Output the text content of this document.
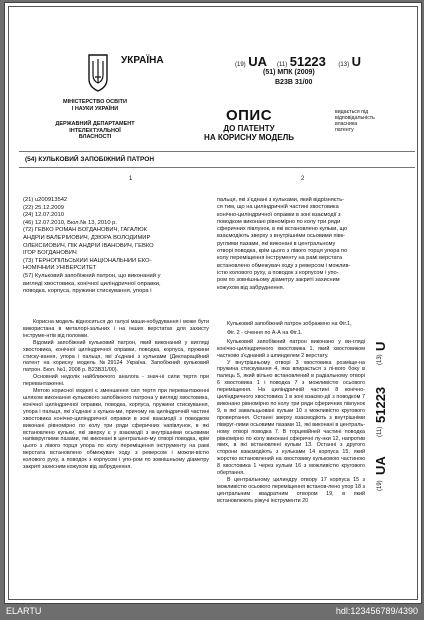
УКРАЇНА	(19) UA (11) 51223 (13) U
(51) МПК (2009)
B23B 31/00
МІНІСТЕРСТВО ОСВІТИ
І НАУКИ УКРАЇНИ
ДЕРЖАВНИЙ ДЕПАРТАМЕНТ
ІНТЕЛЕКТУАЛЬНОЇ
ВЛАСНОСТІ
ОПИС
ДО ПАТЕНТУ
НА КОРИСНУ МОДЕЛЬ
видається під
відповідальність
власника
патенту
(54) КУЛЬКОВИЙ ЗАПОБІЖНИЙ ПАТРОН
1	2
(21) u200913542
(22) 25.12.2009
(24) 12.07.2010
(46) 12.07.2010, Бюл.№ 13, 2010 р.
(72) ГЕВКО РОМАН БОГДАНОВИЧ, ГАГАЛЮК
АНДРІЙ ВАЛЕРІЙОВИЧ, ДЗЮРА ВОЛОДИМИР
ОЛЕКСІЙОВИЧ, ПІК АНДРІЙ ІВАНОВИЧ, ГЕВКО
ІГОР БОГДАНОВИЧ
(73) ТЕРНОПІЛЬСЬКИЙ НАЦІОНАЛЬНИЙ ЕКО-
НОМІЧНИЙ УНІВЕРСИТЕТ
(57) Кульковий запобіжний патрон, що виконаний у
вигляді хвостовика, конічної циліндричної оправки,
поводка, корпуса, пружини стискування, упора і
пальця, які з'єднані з кульками, який відрізняєть-
ся тим, що на циліндричній частині хвостовика
конічно-циліндричної оправки в зоні взаємодії з
поводком виконані рівномірно по колу три ряди
сферичних півлунок, в які встановлено кульки, що
взаємодіють зверху з внутрішніми осьовими півк-
руглими пазами, які виконані в центральному
отворі поводка, крім цього з лівого торця упора по
колу переміщення інструменту на рамі верстата
встановлено обмежувач ходу з реверсом і можлив-
істю колового руху, а поводок з корпусом і упо-
ром по зовнішньому діаметру закриті захисним
кожухом від забруднення.

Корисна модель відноситься до галузі маши-нобудування і може бути використана в металорі-зальних і на інших верстатах для захисту інструме-нтів від поломки.

Відомий запобіжний кульковий патрон, який виконаний у вигляді хвостовика, конічної циліндричної оправки, поводка, корпуса, пружини стиску-вання, упора і пальця, які з'єднані з кульками (Деклараційний патент на корисну модель №29124 Україна. Запобіжний кульковий патрон. Бюл. №1, 2008 р. B23B31/00).

Основний недолік найближчого аналога - знач-ні сили тертя при перевантаженні.

Метою корисної моделі є зменшення сил тертя при перевантаженні шляхом виконання кулькового запобіжного патрона у вигляді хвостовика, конічної циліндричної оправки, поводка, корпуса, пружини стискування, упора і пальця, які з'єднані з кулька-ми, причому на циліндричній частині хвостовика конічно-циліндричної оправки в зоні взаємодії з поводком виконані рівномірно по колу три ряди сферичних напівлунок, в які встановлено кульки, які зверху є у взаємодії з внутрішніми осьовими напівкруглими пазами, які виконані в центрально-му отворі поводка, крім цього з лівого торця упора по колу переміщення інструменту на рамі верстата встановлено обмежувач ходу з реверсом і можли-вістю колового руху, а поводок з корпусом і упо-ром по зовнішньому діаметру закриті захисним кожухом від забруднення.

Кульковий запобіжний патрон зображено на Фіг.1,

Фіг. 2 - січення по А-А на Фіг.1.

Кульковий запобіжний патрон виконано у ви-гляді конічно-циліндричного хвостовика 1, який хвостовиком частково з'єднаний з шпинделем 2 верстату.

У внутрішньому отворі 3 хвостовика розміще-на пружина стискування 4, яка впирається з лі-вого боку в палець 5, який вільно встановлений в радіальному отворі 6 хвостовика 1 і поводка 7 з можливістю осьового переміщення. На циліндричній частині 8 конічно-циліндричного хвостовика 1 в зоні взаємо-дії з поводком 7 виконано рівномірно по колу три ряди сферичних півлунок 9, в які завальцьовані кульки 10 з можливістю кругового провертання. Останні зверху взаємодіють з внутрішніми півкруг-лими осьовими пазами 11, які виконані в централь-ному отворі поводка 7. В торцевійней частині поводка рівномірно по колу виконані сферичні лу-нки 12, напротив яких, в які встановлені кульки 13. Останні з другого сторони взаємодіють з кульками 14 корпуса 15, який жорстко встановлений на хвостовику кульковою частиною 8 хвостовика 1 через кульки 16 з можливістю кругового обертання.

В центральному цилиндру отвору 17 корпуса 15 з можливістю осьового переміщення встанов-лено упор 18 з центральним квадратним отвором 19, в який встановлюють ріжучі інструменти 20

(19)
UA
(11)
51223
(13)
U
ELARTU	hdl:123456789/4390
